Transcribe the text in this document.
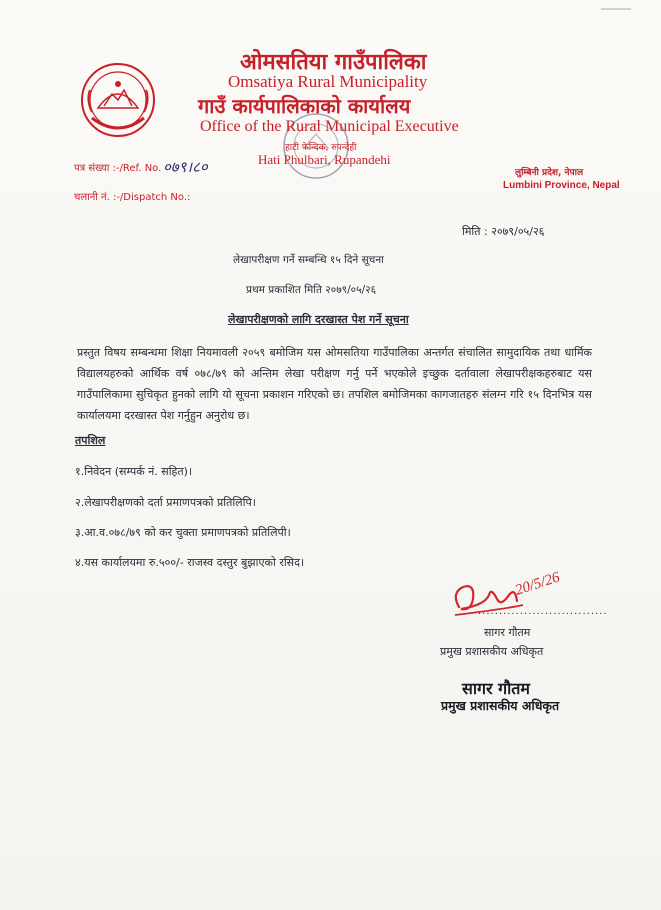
ओमसतिया गाउँपालिका
Omsatiya Rural Municipality
गाउँ कार्यपालिकाको कार्यालय
Office of the Rural Municipal Executive
हाटी फेन्दिक, रुपन्देही
Hati Phulbari, Rupandehi
पत्र संख्या :-/Ref. No. ०७९।८०
चलानी नं. :-/Dispatch No.:
लुम्बिनी प्रदेश, नेपाल
Lumbini Province, Nepal
मिति : २०७९/०५/२६
लेखापरीक्षण गर्ने सम्बन्धि १५ दिने सूचना
प्रथम प्रकाशित मिति २०७९/०५/२६
लेखापरीक्षणको लागि दरखास्त पेश गर्ने सूचना
प्रस्तुत विषय सम्बन्धमा शिक्षा नियमावली २०५९ बमोजिम यस ओमसतिया गाउँपालिका अन्तर्गत संचालित सामुदायिक तथा धार्मिक विद्यालयहरुको आर्थिक वर्ष ०७८/७९ को अन्तिम लेखा परीक्षण गर्नु पर्ने भएकोले इच्छुक दर्तावाला लेखापरीक्षकहरुबाट यस गाउँपालिकामा सुचिकृत हुनको लागि यो सूचना प्रकाशन गरिएको छ। तपशिल बमोजिमका कागजातहरु संलग्न गरि १५ दिनभित्र यस कार्यालयमा दरखास्त पेश गर्नुहुन अनुरोध छ।
तपशिल
१.निवेदन (सम्पर्क नं. सहित)।
२.लेखापरीक्षणको दर्ता प्रमाणपत्रको प्रतिलिपि।
३.आ.व.०७८/७९ को कर चुक्ता प्रमाणपत्रको प्रतिलिपी।
४.यस कार्यालयमा रु.५००/- राजस्व दस्तुर बुझाएको रसिद।
20/5/26
...............................
सागर गौतम
प्रमुख प्रशासकीय अधिकृत
सागर गौतम
प्रमुख प्रशासकीय अधिकृत
